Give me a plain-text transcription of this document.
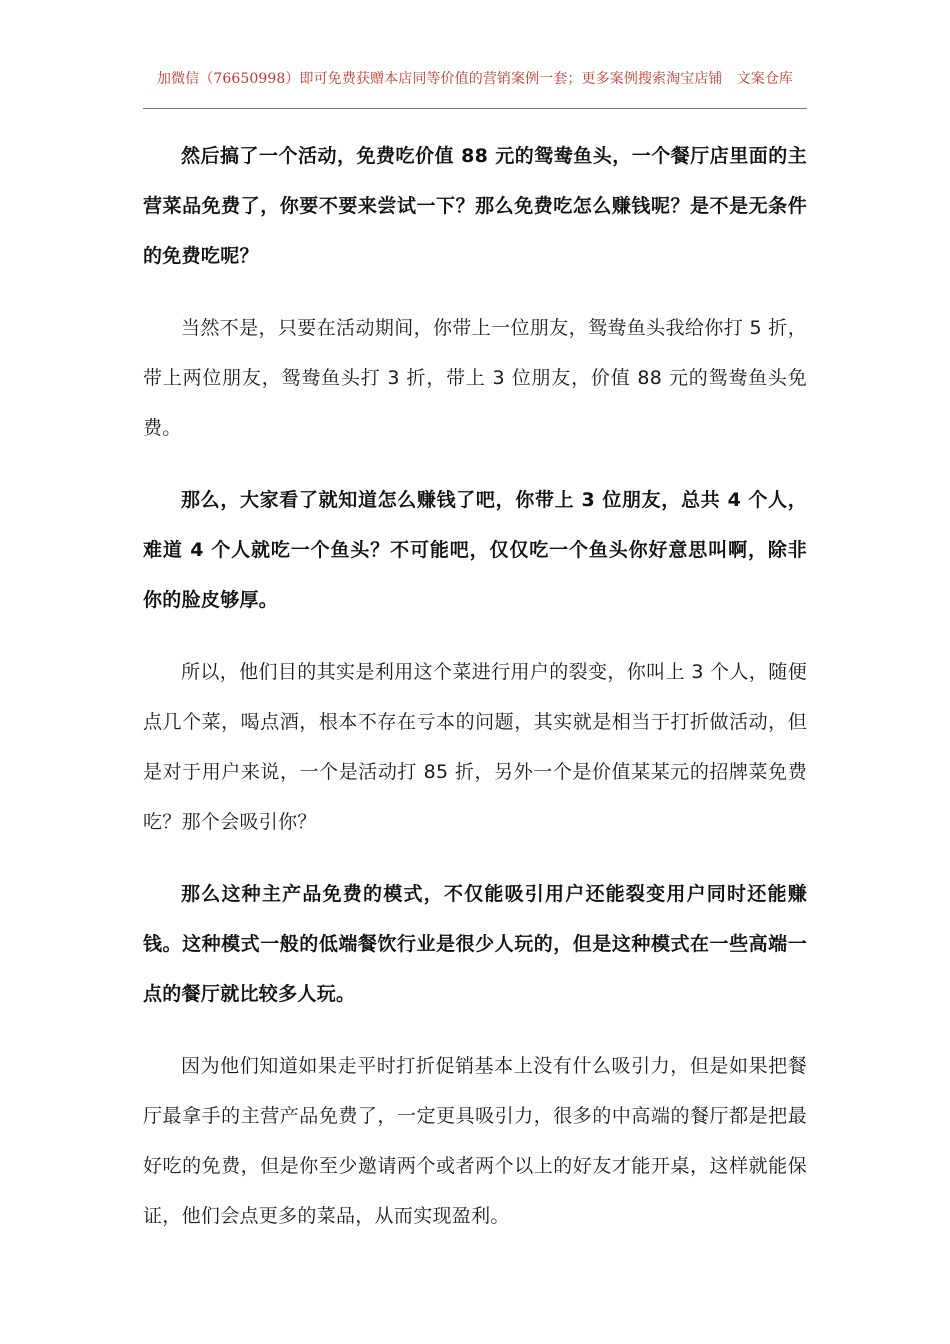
加微信（76650998）即可免费获赠本店同等价值的营销案例一套；更多案例搜索淘宝店铺　文案仓库

然后搞了一个活动，免费吃价值 88 元的鸳鸯鱼头，一个餐厅店里面的主营菜品免费了，你要不要来尝试一下？那么免费吃怎么赚钱呢？是不是无条件的免费吃呢？

当然不是，只要在活动期间，你带上一位朋友，鸳鸯鱼头我给你打 5 折，带上两位朋友，鸳鸯鱼头打 3 折，带上 3 位朋友，价值 88 元的鸳鸯鱼头免费。

那么，大家看了就知道怎么赚钱了吧，你带上 3 位朋友，总共 4 个人，难道 4 个人就吃一个鱼头？不可能吧，仅仅吃一个鱼头你好意思叫啊，除非你的脸皮够厚。

所以，他们目的其实是利用这个菜进行用户的裂变，你叫上 3 个人，随便点几个菜，喝点酒，根本不存在亏本的问题，其实就是相当于打折做活动，但是对于用户来说，一个是活动打 85 折，另外一个是价值某某元的招牌菜免费吃？那个会吸引你？

那么这种主产品免费的模式，不仅能吸引用户还能裂变用户同时还能赚钱。这种模式一般的低端餐饮行业是很少人玩的，但是这种模式在一些高端一点的餐厅就比较多人玩。

因为他们知道如果走平时打折促销基本上没有什么吸引力，但是如果把餐厅最拿手的主营产品免费了，一定更具吸引力，很多的中高端的餐厅都是把最好吃的免费，但是你至少邀请两个或者两个以上的好友才能开桌，这样就能保证，他们会点更多的菜品，从而实现盈利。
